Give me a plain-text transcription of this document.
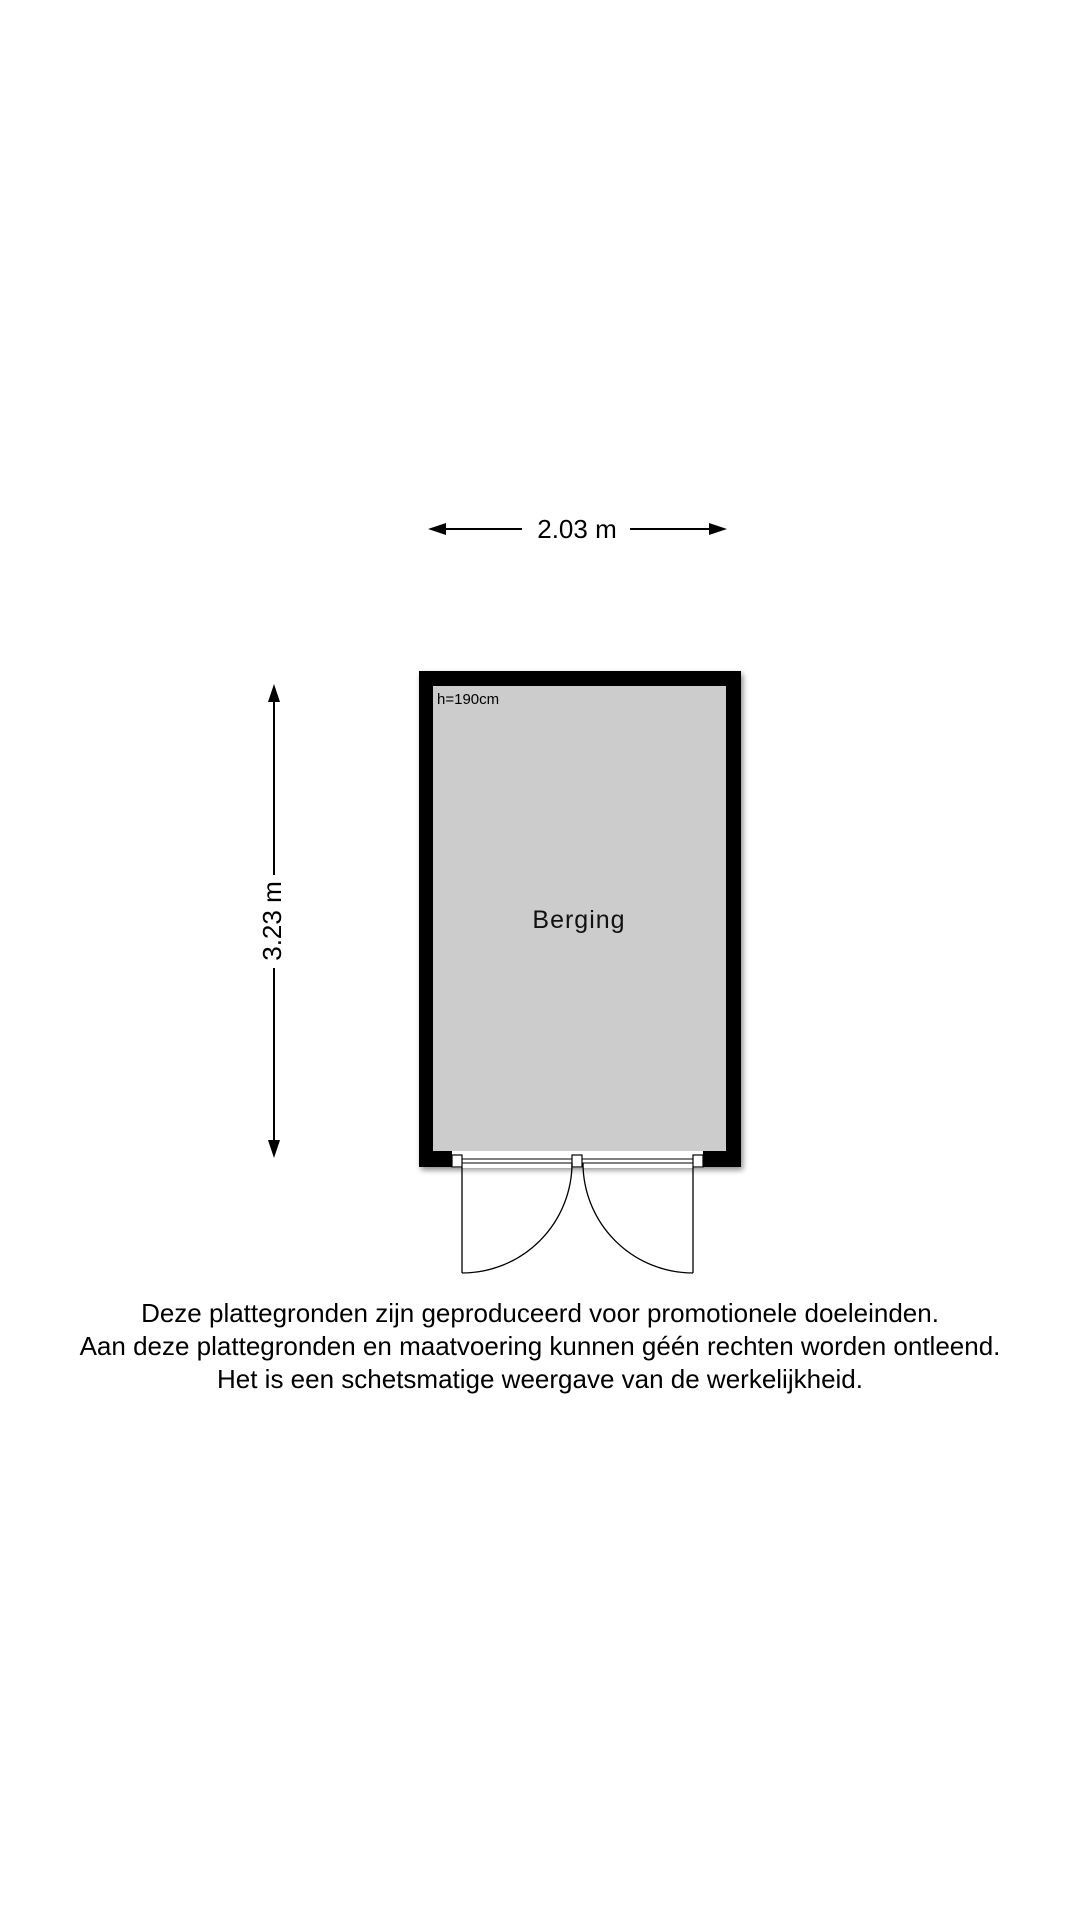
2.03 m
3.23 m
h=190cm
Berging
Deze plattegronden zijn geproduceerd voor promotionele doeleinden.
Aan deze plattegronden en maatvoering kunnen géén rechten worden ontleend.
Het is een schetsmatige weergave van de werkelijkheid.
